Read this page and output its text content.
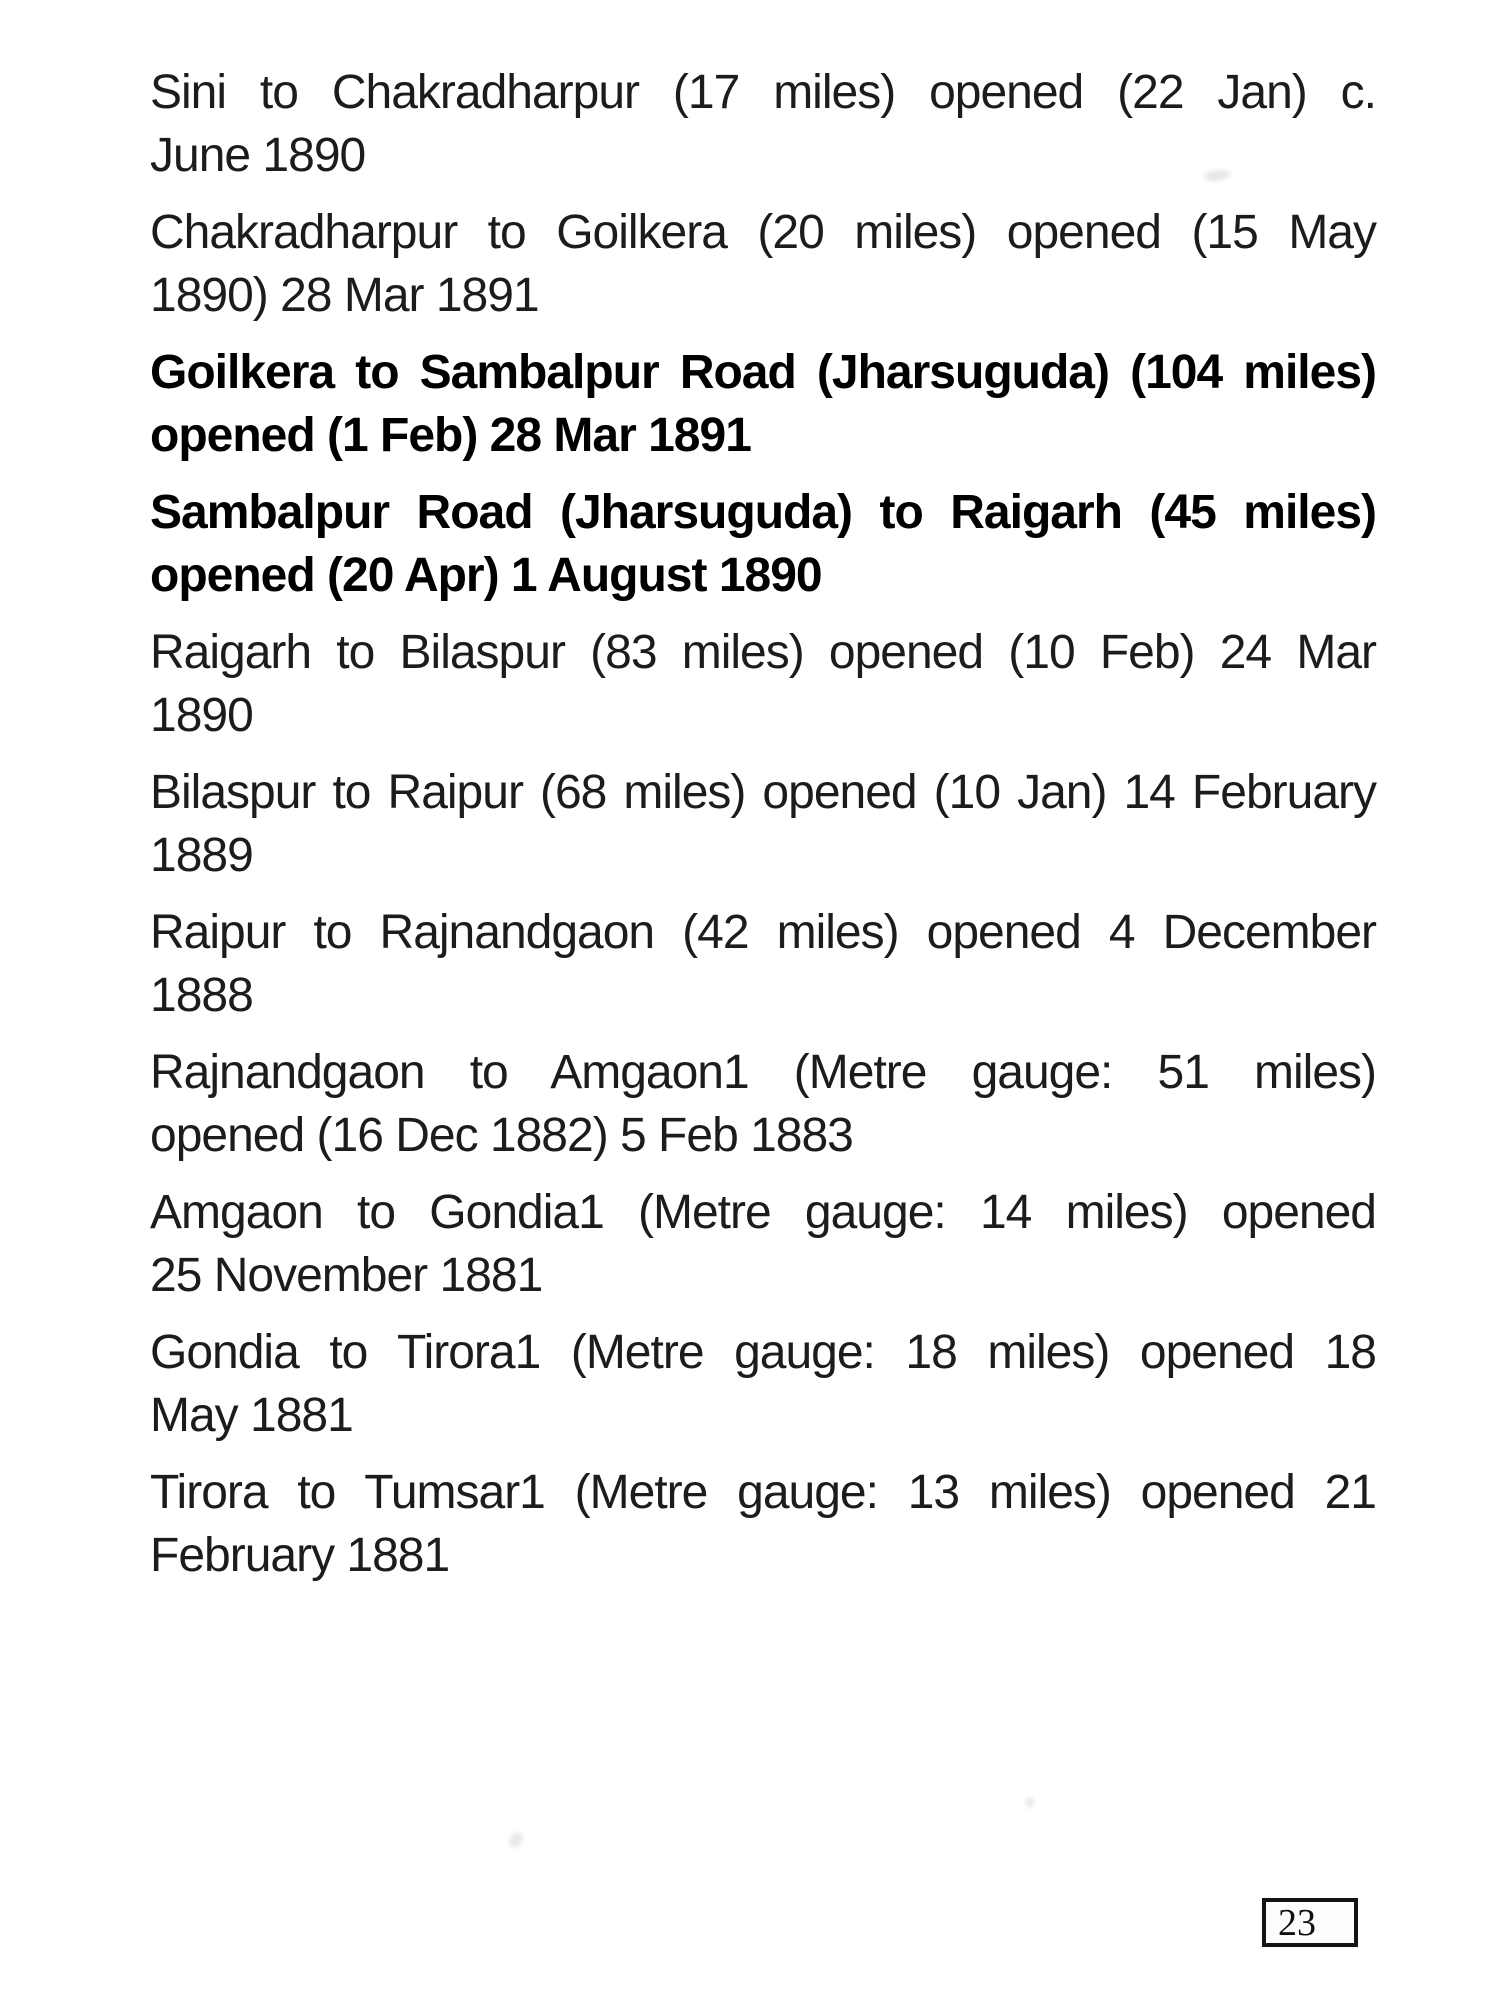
Sini to Chakradharpur (17 miles) opened (22 Jan) c.
June 1890

Chakradharpur to Goilkera (20 miles) opened (15 May
1890) 28 Mar 1891

Goilkera to Sambalpur Road (Jharsuguda) (104 miles)
opened (1 Feb) 28 Mar 1891

Sambalpur Road (Jharsuguda) to Raigarh (45 miles)
opened (20 Apr) 1 August 1890

Raigarh to Bilaspur (83 miles) opened (10 Feb) 24 Mar
1890

Bilaspur to Raipur (68 miles) opened (10 Jan) 14 February
1889

Raipur to Rajnandgaon (42 miles) opened 4 December
1888

Rajnandgaon to Amgaon1 (Metre gauge: 51 miles)
opened (16 Dec 1882) 5 Feb 1883

Amgaon to Gondia1 (Metre gauge: 14 miles) opened
25 November 1881

Gondia to Tirora1 (Metre gauge: 18 miles) opened 18
May 1881

Tirora to Tumsar1 (Metre gauge: 13 miles) opened 21
February 1881

23
